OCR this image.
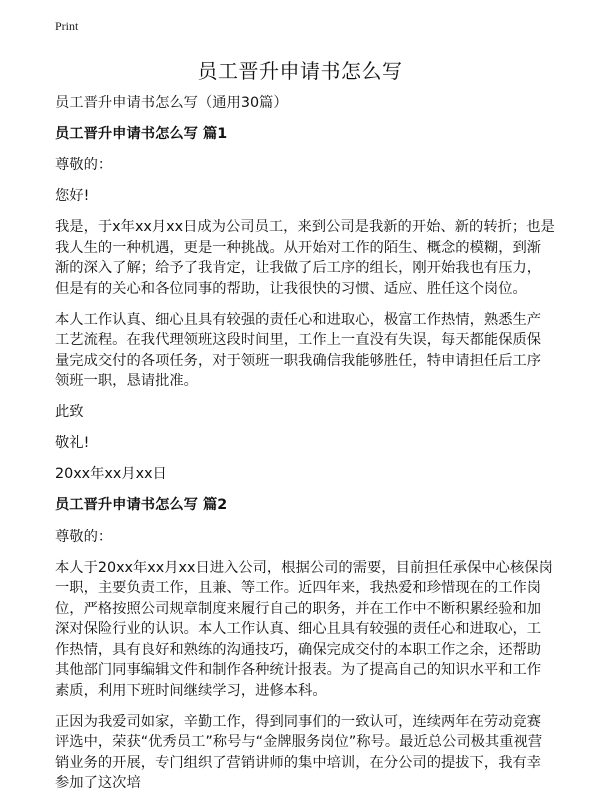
Print
员工晋升申请书怎么写

员工晋升申请书怎么写（通用30篇）

员工晋升申请书怎么写 篇1

尊敬的：

您好!

我是，于x年xx月xx日成为公司员工，来到公司是我新的开始、新的转折；也是我人生的一种机遇，更是一种挑战。从开始对工作的陌生、概念的模糊，到渐渐的深入了解；给予了我肯定，让我做了后工序的组长，刚开始我也有压力，但是有的关心和各位同事的帮助，让我很快的习惯、适应、胜任这个岗位。

本人工作认真、细心且具有较强的责任心和进取心，极富工作热情，熟悉生产工艺流程。在我代理领班这段时间里，工作上一直没有失误，每天都能保质保量完成交付的各项任务，对于领班一职我确信我能够胜任，特申请担任后工序领班一职，恳请批准。

此致

敬礼!

20xx年xx月xx日

员工晋升申请书怎么写 篇2

尊敬的：

本人于20xx年xx月xx日进入公司，根据公司的需要，目前担任承保中心核保岗一职，主要负责工作，且兼、等工作。近四年来，我热爱和珍惜现在的工作岗位，严格按照公司规章制度来履行自己的职务，并在工作中不断积累经验和加深对保险行业的认识。本人工作认真、细心且具有较强的责任心和进取心，工作热情，具有良好和熟练的沟通技巧，确保完成交付的本职工作之余，还帮助其他部门同事编辑文件和制作各种统计报表。为了提高自己的知识水平和工作素质，利用下班时间继续学习，进修本科。

正因为我爱司如家，辛勤工作，得到同事们的一致认可，连续两年在劳动竞赛评选中，荣获“优秀员工”称号与“金牌服务岗位”称号。最近总公司极其重视营销业务的开展，专门组织了营销讲师的集中培训，在分公司的提拔下，我有幸参加了这次培
